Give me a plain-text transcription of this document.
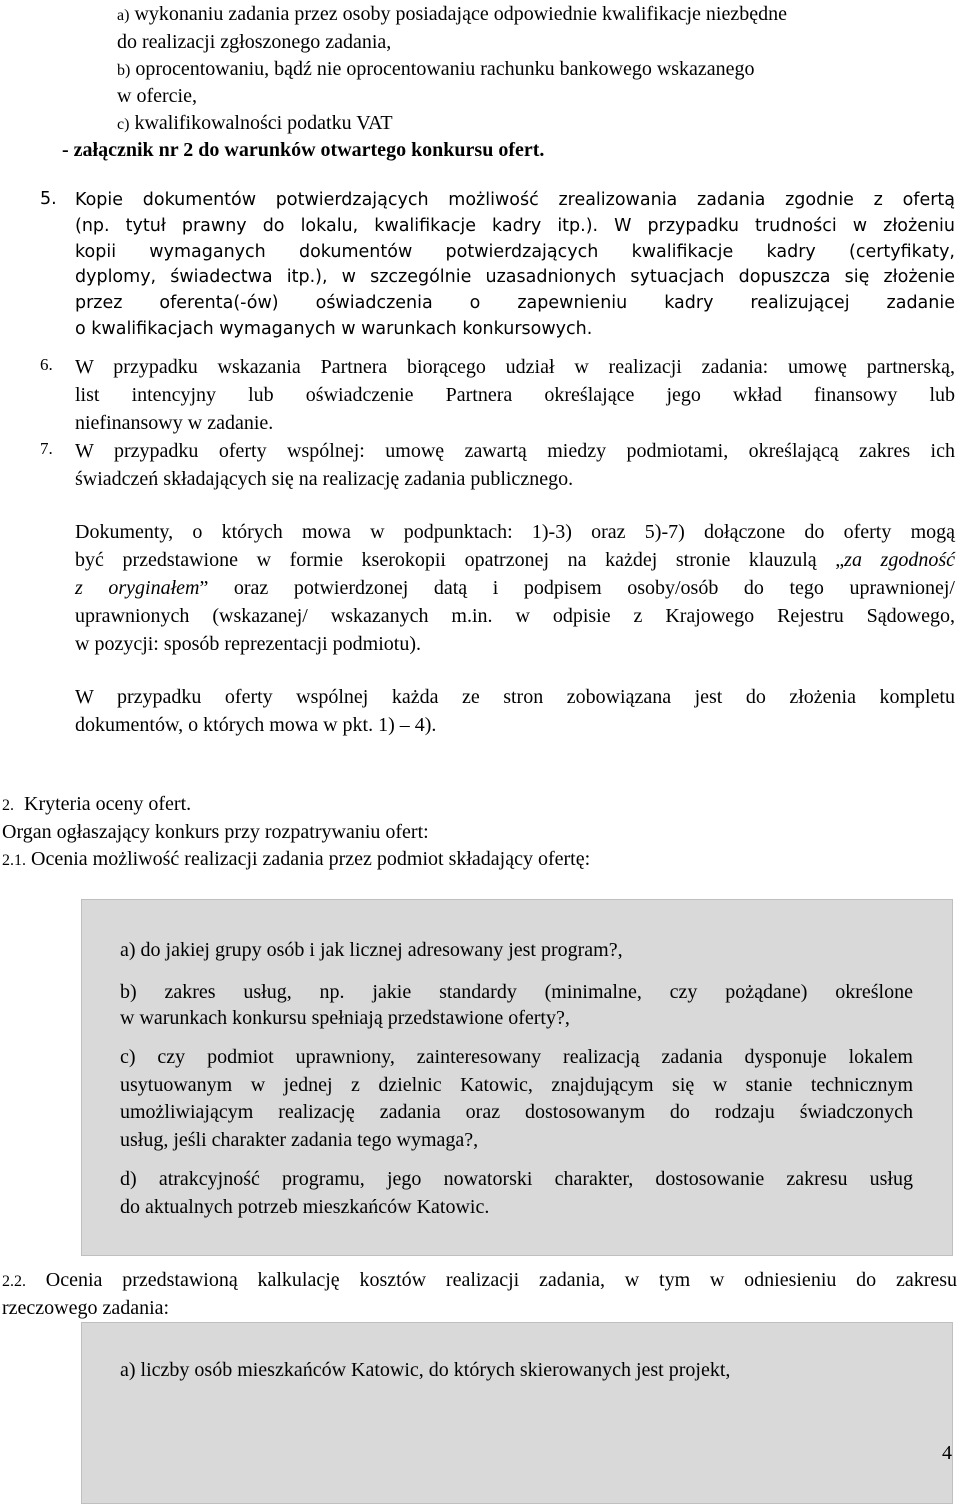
a) wykonaniu zadania przez osoby posiadające odpowiednie kwalifikacje niezbędne
do realizacji zgłoszonego zadania,
b) oprocentowaniu, bądź nie oprocentowaniu rachunku bankowego wskazanego
w ofercie,
c) kwalifikowalności podatku VAT
- załącznik nr 2 do warunków otwartego konkursu ofert.
5. Kopie dokumentów potwierdzających możliwość zrealizowania zadania zgodnie z ofertą
(np. tytuł prawny do lokalu, kwalifikacje kadry itp.). W przypadku trudności w złożeniu
kopii wymaganych dokumentów potwierdzających kwalifikacje kadry (certyfikaty,
dyplomy, świadectwa itp.), w szczególnie uzasadnionych sytuacjach dopuszcza się złożenie
przez oferenta(-ów) oświadczenia o zapewnieniu kadry realizującej zadanie
o kwalifikacjach wymaganych w warunkach konkursowych.
6. W przypadku wskazania Partnera biorącego udział w realizacji zadania: umowę partnerską,
list intencyjny lub oświadczenie Partnera określające jego wkład finansowy lub
niefinansowy w zadanie.
7. W przypadku oferty wspólnej: umowę zawartą miedzy podmiotami, określającą zakres ich
świadczeń składających się na realizację zadania publicznego.
Dokumenty, o których mowa w podpunktach: 1)-3) oraz 5)-7) dołączone do oferty mogą
być przedstawione w formie kserokopii opatrzonej na każdej stronie klauzulą „za zgodność
z oryginałem” oraz potwierdzonej datą i podpisem osoby/osób do tego uprawnionej/
uprawnionych (wskazanej/ wskazanych m.in. w odpisie z Krajowego Rejestru Sądowego,
w pozycji: sposób reprezentacji podmiotu).
W przypadku oferty wspólnej każda ze stron zobowiązana jest do złożenia kompletu
dokumentów, o których mowa w pkt. 1) – 4).
2. Kryteria oceny ofert.
Organ ogłaszający konkurs przy rozpatrywaniu ofert:
2.1. Ocenia możliwość realizacji zadania przez podmiot składający ofertę:
a) do jakiej grupy osób i jak licznej adresowany jest program?,
b) zakres usług, np. jakie standardy (minimalne, czy pożądane) określone
w warunkach konkursu spełniają przedstawione oferty?,
c) czy podmiot uprawniony, zainteresowany realizacją zadania dysponuje lokalem
usytuowanym w jednej z dzielnic Katowic, znajdującym się w stanie technicznym
umożliwiającym realizację zadania oraz dostosowanym do rodzaju świadczonych
usług, jeśli charakter zadania tego wymaga?,
d) atrakcyjność programu, jego nowatorski charakter, dostosowanie zakresu usług
do aktualnych potrzeb mieszkańców Katowic.
2.2. Ocenia przedstawioną kalkulację kosztów realizacji zadania, w tym w odniesieniu do zakresu
rzeczowego zadania:
a) liczby osób mieszkańców Katowic, do których skierowanych jest projekt,
4
